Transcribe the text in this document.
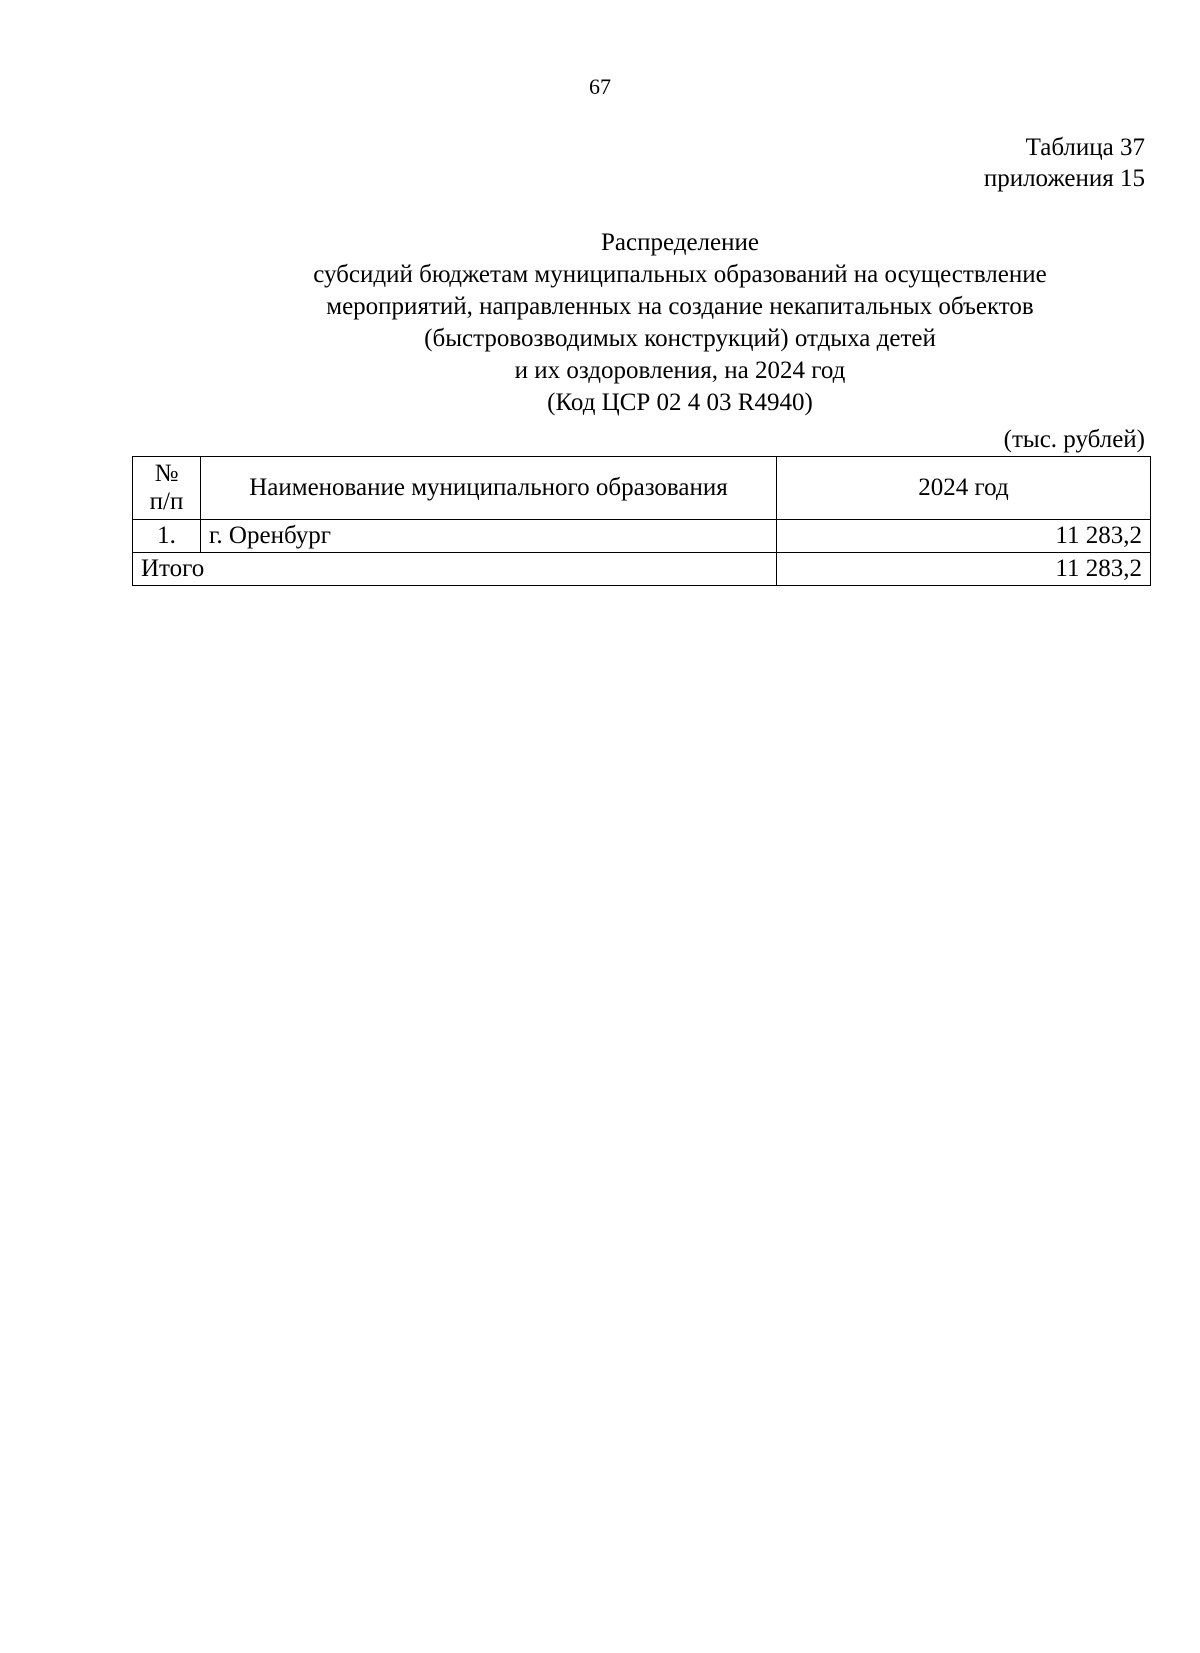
67
Таблица 37
приложения 15
Распределение
субсидий бюджетам муниципальных образований на осуществление
мероприятий, направленных на создание некапитальных объектов
(быстровозводимых конструкций) отдыха детей
и их оздоровления, на 2024 год
(Код ЦСР 02 4 03 R4940)
(тыс. рублей)
№
п/п	Наименование муниципального образования	2024 год
1.	г. Оренбург	11 283,2
Итого		11 283,2
